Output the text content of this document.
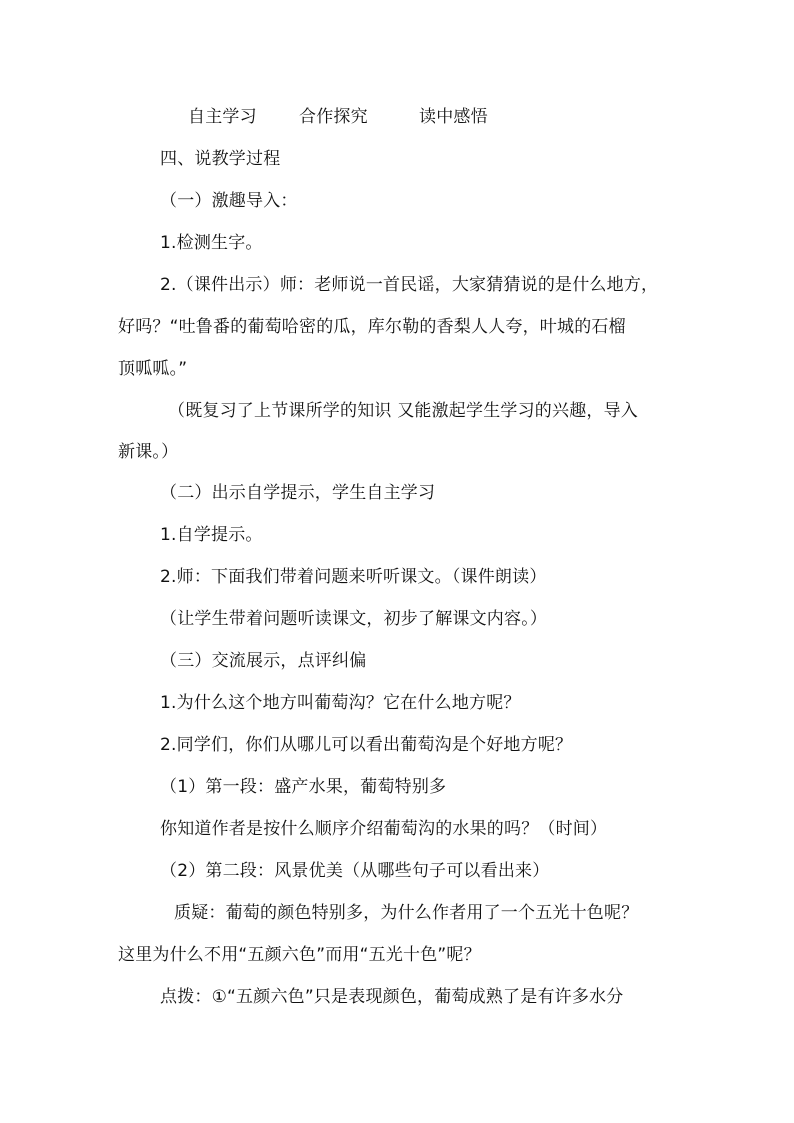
自主学习 合作探究	读中感悟
四、说教学过程
（一）激趣导入：
1.检测生字。
2.（课件出示）师：老师说一首民谣，大家猜猜说的是什么地方，
好吗？“吐鲁番的葡萄哈密的瓜，库尔勒的香梨人人夸，叶城的石榴
顶呱呱。”
（既复习了上节课所学的知识 又能激起学生学习的兴趣，导入
新课。）
（二）出示自学提示，学生自主学习
1.自学提示。
2.师：下面我们带着问题来听听课文。（课件朗读）
（让学生带着问题听读课文，初步了解课文内容。）
（三）交流展示，点评纠偏
1.为什么这个地方叫葡萄沟？它在什么地方呢？
2.同学们，你们从哪儿可以看出葡萄沟是个好地方呢？
（1）第一段：盛产水果，葡萄特别多
你知道作者是按什么顺序介绍葡萄沟的水果的吗？（时间）
（2）第二段：风景优美（从哪些句子可以看出来）
质疑：葡萄的颜色特别多，为什么作者用了一个五光十色呢？
这里为什么不用“五颜六色”而用“五光十色”呢？
点拨：①“五颜六色”只是表现颜色，葡萄成熟了是有许多水分
